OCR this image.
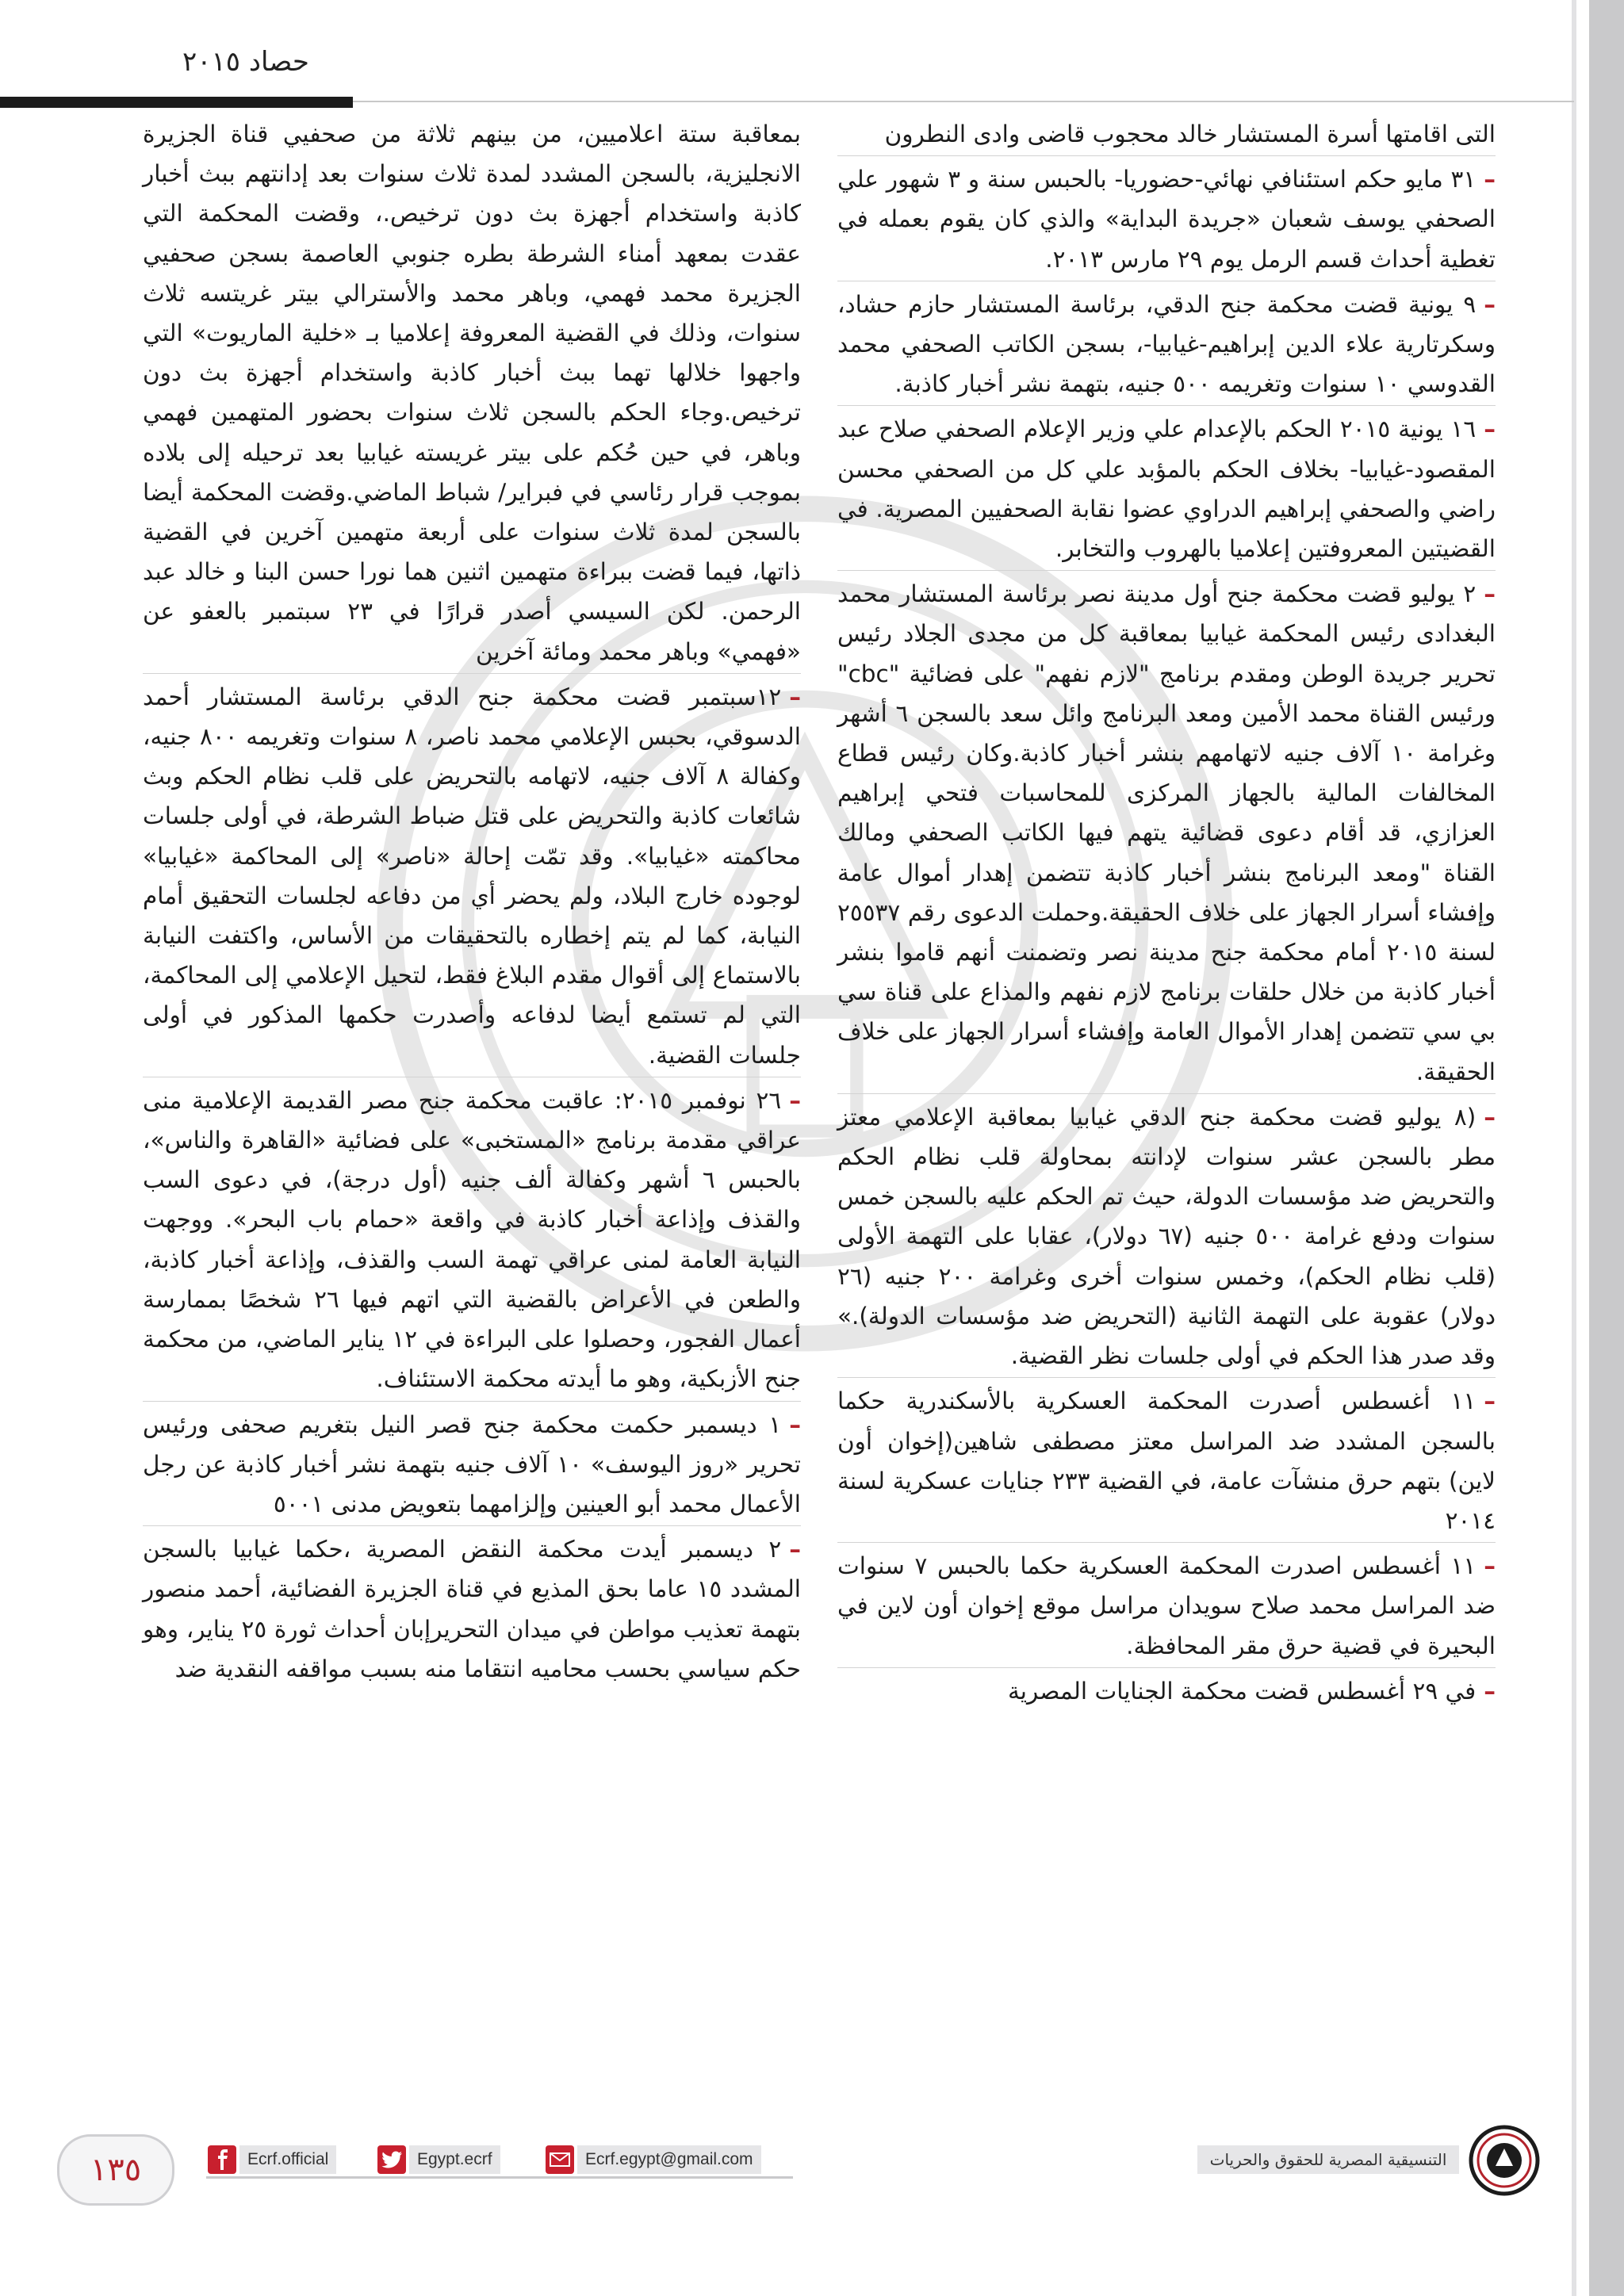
حصاد ٢٠١٥

التى اقامتها أسرة المستشار خالد محجوب قاضى وادى النطرون

–٣١ مايو حكم استئنافي نهائي-حضوريا- بالحبس سنة و ٣ شهور علي الصحفي يوسف شعبان «جريدة البداية» والذي كان يقوم بعمله في تغطية أحداث قسم الرمل يوم ٢٩ مارس ٢٠١٣.

–٩ يونية قضت محكمة جنح الدقي، برئاسة المستشار حازم حشاد، وسكرتارية علاء الدين إبراهيم-غيابيا-، بسجن الكاتب الصحفي محمد القدوسي ١٠ سنوات وتغريمه ٥٠٠ جنيه، بتهمة نشر أخبار كاذبة.

–١٦ يونية ٢٠١٥ الحكم بالإعدام علي وزير الإعلام الصحفي صلاح عبد المقصود-غيابيا- بخلاف الحكم بالمؤبد علي كل من الصحفي محسن راضي والصحفي إبراهيم الدراوي عضوا نقابة الصحفيين المصرية. في القضيتين المعروفتين إعلاميا بالهروب والتخابر.

–٢ يوليو قضت محكمة جنح أول مدينة نصر برئاسة المستشار محمد البغدادى رئيس المحكمة غيابيا بمعاقبة كل من مجدى الجلاد رئيس تحرير جريدة الوطن ومقدم برنامج "لازم نفهم" على فضائية "cbc" ورئيس القناة محمد الأمين ومعد البرنامج وائل سعد بالسجن ٦ أشهر وغرامة ١٠ آلاف جنيه لاتهامهم بنشر أخبار كاذبة.وكان رئيس قطاع المخالفات المالية بالجهاز المركزى للمحاسبات فتحي إبراهيم العزازي، قد أقام دعوى قضائية يتهم فيها الكاتب الصحفي ومالك القناة "ومعد البرنامج بنشر أخبار كاذبة تتضمن إهدار أموال عامة وإفشاء أسرار الجهاز على خلاف الحقيقة.وحملت الدعوى رقم ٢٥٥٣٧ لسنة ٢٠١٥ أمام محكمة جنح مدينة نصر وتضمنت أنهم قاموا بنشر أخبار كاذبة من خلال حلقات برنامج لازم نفهم والمذاع على قناة سي بي سي تتضمن إهدار الأموال العامة وإفشاء أسرار الجهاز على خلاف الحقيقة.

–(٨ يوليو قضت محكمة جنح الدقي غيابيا بمعاقبة الإعلامي معتز مطر بالسجن عشر سنوات لإدانته بمحاولة قلب نظام الحكم والتحريض ضد مؤسسات الدولة، حيث تم الحكم عليه بالسجن خمس سنوات ودفع غرامة ٥٠٠ جنيه (٦٧ دولار)، عقابا على التهمة الأولى (قلب نظام الحكم)، وخمس سنوات أخرى وغرامة ٢٠٠ جنيه (٢٦ دولار) عقوبة على التهمة الثانية (التحريض ضد مؤسسات الدولة).» وقد صدر هذا الحكم في أولى جلسات نظر القضية.

–١١ أغسطس أصدرت المحكمة العسكرية بالأسكندرية حكما بالسجن المشدد ضد المراسل معتز مصطفى شاهين(إخوان أون لاين) بتهم حرق منشآت عامة، في القضية ٢٣٣ جنايات عسكرية لسنة ٢٠١٤

–١١ أغسطس اصدرت المحكمة العسكرية حكما بالحبس ٧ سنوات ضد المراسل محمد صلاح سويدان مراسل موقع إخوان أون لاين في البحيرة في قضية حرق مقر المحافظة.

–في ٢٩ أغسطس قضت محكمة الجنايات المصرية

بمعاقبة ستة اعلاميين، من بينهم ثلاثة من صحفيي قناة الجزيرة الانجليزية، بالسجن المشدد لمدة ثلاث سنوات بعد إدانتهم ببث أخبار كاذبة واستخدام أجهزة بث دون ترخيص.، وقضت المحكمة التي عقدت بمعهد أمناء الشرطة بطره جنوبي العاصمة بسجن صحفيي الجزيرة محمد فهمي، وباهر محمد والأسترالي بيتر غريتسه ثلاث سنوات، وذلك في القضية المعروفة إعلاميا بـ «خلية الماريوت» التي واجهوا خلالها تهما ببث أخبار كاذبة واستخدام أجهزة بث دون ترخيص.وجاء الحكم بالسجن ثلاث سنوات بحضور المتهمين فهمي وباهر، في حين حُكم على بيتر غريسته غيابيا بعد ترحيله إلى بلاده بموجب قرار رئاسي في فبراير/ شباط الماضي.وقضت المحكمة أيضا بالسجن لمدة ثلاث سنوات على أربعة متهمين آخرين في القضية ذاتها، فيما قضت ببراءة متهمين اثنين هما نورا حسن البنا و خالد عبد الرحمن. لكن السيسي أصدر قرارًا في ٢٣ سبتمبر بالعفو عن «فهمي» وباهر محمد ومائة آخرين

–١٢سبتمبر قضت محكمة جنح الدقي برئاسة المستشار أحمد الدسوقي، بحبس الإعلامي محمد ناصر، ٨ سنوات وتغريمه ٨٠٠ جنيه، وكفالة ٨ آلاف جنيه، لاتهامه بالتحريض على قلب نظام الحكم وبث شائعات كاذبة والتحريض على قتل ضباط الشرطة، في أولى جلسات محاكمته «غيابيا». وقد تمّت إحالة «ناصر» إلى المحاكمة «غيابيا» لوجوده خارج البلاد، ولم يحضر أي من دفاعه لجلسات التحقيق أمام النيابة، كما لم يتم إخطاره بالتحقيقات من الأساس، واكتفت النيابة بالاستماع إلى أقوال مقدم البلاغ فقط، لتحيل الإعلامي إلى المحاكمة، التي لم تستمع أيضا لدفاعه وأصدرت حكمها المذكور في أولى جلسات القضية.

–٢٦ نوفمبر ٢٠١٥: عاقبت محكمة جنح مصر القديمة الإعلامية منى عراقي مقدمة برنامج «المستخبى» على فضائية «القاهرة والناس»، بالحبس ٦ أشهر وكفالة ألف جنيه (أول درجة)، في دعوى السب والقذف وإذاعة أخبار كاذبة في واقعة «حمام باب البحر». ووجهت النيابة العامة لمنى عراقي تهمة السب والقذف، وإذاعة أخبار كاذبة، والطعن في الأعراض بالقضية التي اتهم فيها ٢٦ شخصًا بممارسة أعمال الفجور، وحصلوا على البراءة في ١٢ يناير الماضي، من محكمة جنح الأزبكية، وهو ما أيدته محكمة الاستئناف.

–١ ديسمبر حكمت محكمة جنح قصر النيل بتغريم صحفى ورئيس تحرير «روز اليوسف» ١٠ آلاف جنيه بتهمة نشر أخبار كاذبة عن رجل الأعمال محمد أبو العينين وإلزامهما بتعويض مدنى ٥٠٠١

–٢ ديسمبر أيدت محكمة النقض المصرية ،حكما غيابيا بالسجن المشدد ١٥ عاما بحق المذيع في قناة الجزيرة الفضائية، أحمد منصور بتهمة تعذيب مواطن في ميدان التحريرإبان أحداث ثورة ٢٥ يناير، وهو حكم سياسي بحسب محاميه انتقاما منه بسبب مواقفه النقدية ضد

١٣٥	Ecrf.official	Egypt.ecrf	Ecrf.egypt@gmail.com	التنسيقية المصرية للحقوق والحريات
